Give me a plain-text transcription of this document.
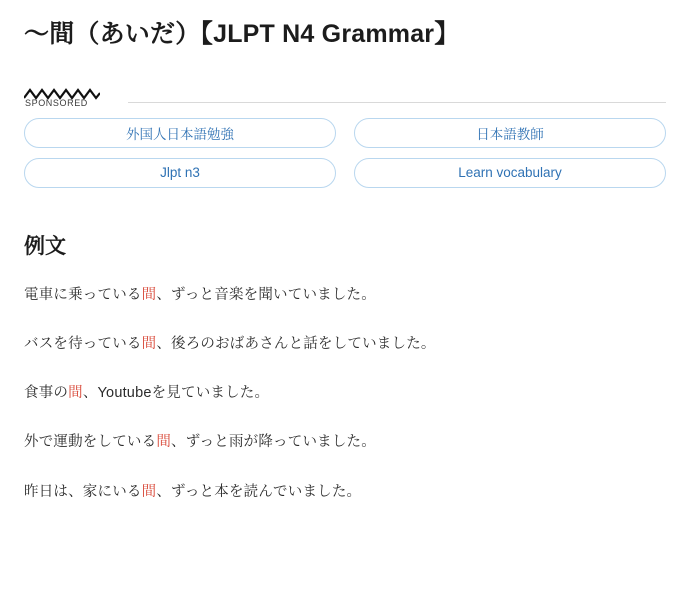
〜間（あいだ）【JLPT N4 Grammar】
SPONSORED
外国人日本語勉強	日本語教師
Jlpt n3	Learn vocabulary
例文

電車に乗っている間、ずっと音楽を聞いていました。

バスを待っている間、後ろのおばあさんと話をしていました。

食事の間、Youtubeを見ていました。

外で運動をしている間、ずっと雨が降っていました。

昨日は、家にいる間、ずっと本を読んでいました。
